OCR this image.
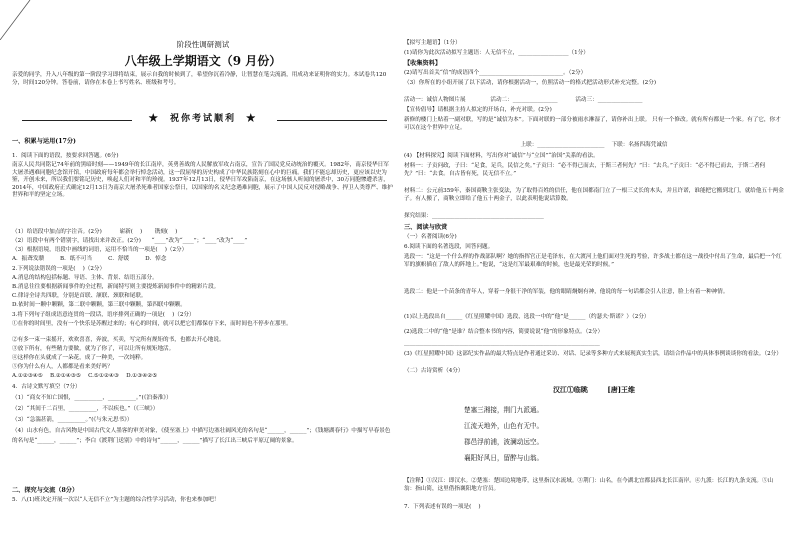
阶段性调研测试
八年级上学期语文（9 月份）
亲爱的同学，升入八年级的第一阶段学习即将结束，展示自我的时候到了，希望你沉着冷静，让智慧在笔尖流淌，用成功来证明你的实力。本试卷共120分，时间120分钟。答卷前，请你在本卷上书写姓名、班级和考号。
★  祝你考试顺利  ★
一、积累与运用(17分)
1．阅读下面的语段，按要求回答题。(6分)
南京人民共同铭记74年前的黑暗时刻——1949年的长江南岸，英勇善战的人民解放军攻占南京，宣告了国民党反动统治的覆灭。1982年，南京侵华日军大屠杀遇难同胞纪念馆开馆，中国政府每年都会举行悼念活动，这一段屈辱的历史构成了中华民族铭刻在心中的巨痛。我们不能忘却历史，更应该以史为鉴，开创未来，所以我们要铭记历史，唤起人们对和平的珍视。1937年12月13日，侵华日军攻陷南京，在这场骇人听闻的屠杀中，30万同胞惨遭杀害，2014年，中国政府正式确定12月13日为南京大屠杀死难者国家公祭日，以国家的名义纪念遇难同胞，展示了中国人民反对侵略战争、捍卫人类尊严、维护世界和平的坚定立场。
（1）给语段中加点的字注音。(2分)          崭新(    )       镌刻(    )
（2）语段中有两个错别字，请找出来并改正。(2分)      “____”改为“____”；“____”改为“____”
（3）根据语境，语段中画线的词语，运用不恰当的一项是(    )（2分）
A．振聋发聩         B．纸不可当         C．舒缓         D．悼念
2.下列说法错误的一项是(    )（2分）
A.消息的结构包括标题、导语、主体、背景、结语五部分。
B.消息往往要根据新闻事件的全过程，新闻特写则主要提炼新闻事件中的精彩片段。
C.律诗全诗共四联，分别是首联、颔联、颈联和尾联。
D.依时间一颗中颗颗，第二联中颗颗，第三联中颗颗，第四联中颗颗。
3.将下列句子组成语意连贯的一段话，语序排列正确的一项是(    )（2分）
①在你的时间里，没有一个快乐是苏醒过来的；有心的时间，就可以把它们都保存下来，而时间也不停步在那里。
②有多一束一束摇开，欢欢喜喜，奔波，买卖，写完所有规矩的书，也都去开心地说。
③放下所有，有些精力要做，就为了你了，可以让所有规矩地活。
④这样你在头就成了一朵花，成了一种美，一次纯粹。
⑤你为什么有人，人都都是看来美好吗？
A.①②③④⑤    B.②①④③⑤    C.⑤①②④③    D.①③④②⑤
4．古诗文默写填空（7分）
（1）“商女不知亡国恨，__________，__________。”(《泊秦淮》）
（2）“其间千二百里，__________，不以疾也。”（《三峡》）
（3）“急湍甚箭，__________。”(《与朱元思书》）
（4）山水有色，自古风物是中国古代文人墨客的审美对象，《使至塞上》中描写边塞壮阔风光的名句是“______，______”；《钱塘湖春行》中描写早春景色的名句是“______，______”；李白《渡荆门送别》中的诗句“______，______”描写了长江出三峡后平原辽阔的景象。
二、探究与交流（8分）
5．八(1)班决定开展一次以“人无信不立”为主题的综合性学习活动，你也来参加吧！
【拟写主题语】（1分）
(1)请你为此次活动拟写主题语：人无信不立，__________________（1分）
【收集资料】
(2)请写出首关“信”的成语四个______________________________。（2分）
（3）你所在的小组开展了以下活动，请你根据活动一，仿照活动一的格式把活动形式补充完整。(2分)
活动一：诚信人物图片展              活动二：________________          活动三：________________
【宣传倡导】请根据主持人拟定的开场白，补充对联。(2分)
新修的楼门上贴着一副对联，写的是“诚信为本”。下面对联的一部分被雨水淋湿了，请你补出上联。 只有一个修改。就有所有都是一个家。有了它，你才可以在这个世界中立足。
上联：________________________    下联：名扬四海凭诚信
(4) 【材料探究】阅读下面材料，写出你对“诚信”与“立国”“治国”关系的看法。
材料一：子贡问政，子曰：“足食，足兵，民信之矣。”子贡曰：“必不得已而去，于斯三者何先？”曰：“去兵。”子贡曰：“必不得已而去，于斯二者何先？”曰：“去食。自古皆有死，民无信不立。”
材料二：公元前359年，秦国商鞅主张变法，为了取得百姓的信任，他在国都南门立了一根三丈长的木头，并且许诺，谁能把它搬到北门，就给他五十两金子。有人搬了，商鞅立即给了他五十两金子，以此表明他说话算数。
探究结果：________________________________________
三、阅读与欣赏
（一）名著阅读(6分)
6.阅读下面的名著选段，回答问题。
选段一：“这是一个什么样的作战部队啊？她的指挥官正是毛泽东，在大渡河上他们面对生死的考验，许多战士都在这一战役中付出了生命，最后把一个红军的旗帜插在了敌人的阵地上。”他说，“这是红军最艰难的时候，也是最光荣的时候。”
选段二：他是一个苗条的青年人，穿着一身很干净的军装，他的眼睛炯炯有神，他说的每一句话都会引人注意，脸上有着一种神情。
(1)以上选段出自______《红星照耀中国》选段，选段一中的“他”是______（约瑟夫·斯诺？）（2分）
(2)选段二中的“他”是谁？结合整本书的内容，简要说说“他”的形象特点。（2分）
______________________________________________________________________
(3)《红星照耀中国》这部纪实作品的最大特点是作者通过采访、对话、记录等多种方式来展现真实生活，请结合作品中的具体事例谈谈你的看法。（2分）
（二）古诗赏析（4分）
汉江①临眺        [唐]王维
楚塞三湘接，荆门九派通。
江流天地外，山色有无中。
郡邑浮前浦，波澜动远空。
襄阳好风日，留醉与山翁。
【注释】①汉江：即汉水。②楚塞：楚国边境地带，这里指汉水流域。③荆门：山名，在今湖北宜都县西北长江南岸。④九派：长江的九条支流。⑤山翁：指山简，这里借指襄阳地方官员。
7．下列表述有误的一项是(    )
